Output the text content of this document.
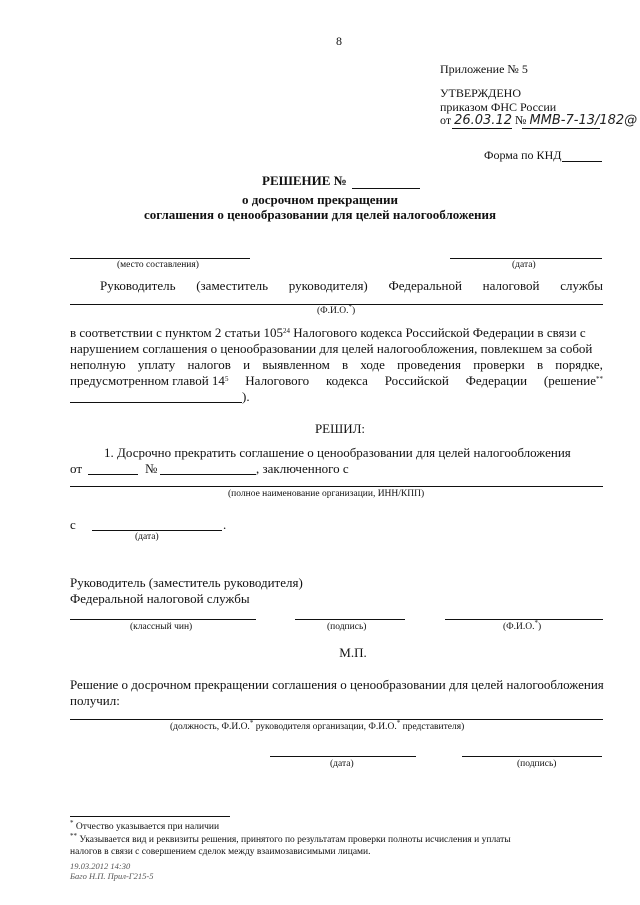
8
Приложение № 5
УТВЕРЖДЕНО
приказом ФНС России
от 26.03.12 № ММВ-7-13/182@
Форма по КНД
РЕШЕНИЕ №
о досрочном прекращении
соглашения о ценообразовании для целей налогообложения
(место составления)	(дата)
Руководитель (заместитель руководителя) Федеральной налоговой службы
(Ф.И.О.*)
в соответствии с пунктом 2 статьи $105^{24}$ Налогового кодекса Российской Федерации в связи с
нарушением соглашения о ценообразовании для целей налогообложения, повлекшем за собой
неполную уплату налогов и выявленном в ходе проведения проверки в порядке,
предусмотренном главой $14^5$ Налогового кодекса Российской Федерации (решение**
).
РЕШИЛ:
1. Досрочно прекратить соглашение о ценообразовании для целей налогообложения
от	№	, заключенного с
(полное наименование организации, ИНН/КПП)
с	.
(дата)
Руководитель (заместитель руководителя)
Федеральной налоговой службы
(классный чин)	(подпись)	(Ф.И.О.*)
М.П.
Решение о досрочном прекращении соглашения о ценообразовании для целей налогообложения
получил:
(должность, Ф.И.О.* руководителя организации, Ф.И.О.* представителя)
(дата)	(подпись)
* Отчество указывается при наличии
** Указывается вид и реквизиты решения, принятого по результатам проверки полноты исчисления и уплаты
налогов в связи с совершением сделок между взаимозависимыми лицами.
19.03.2012 14:30
Баго Н.П. Прил-Г215-5
